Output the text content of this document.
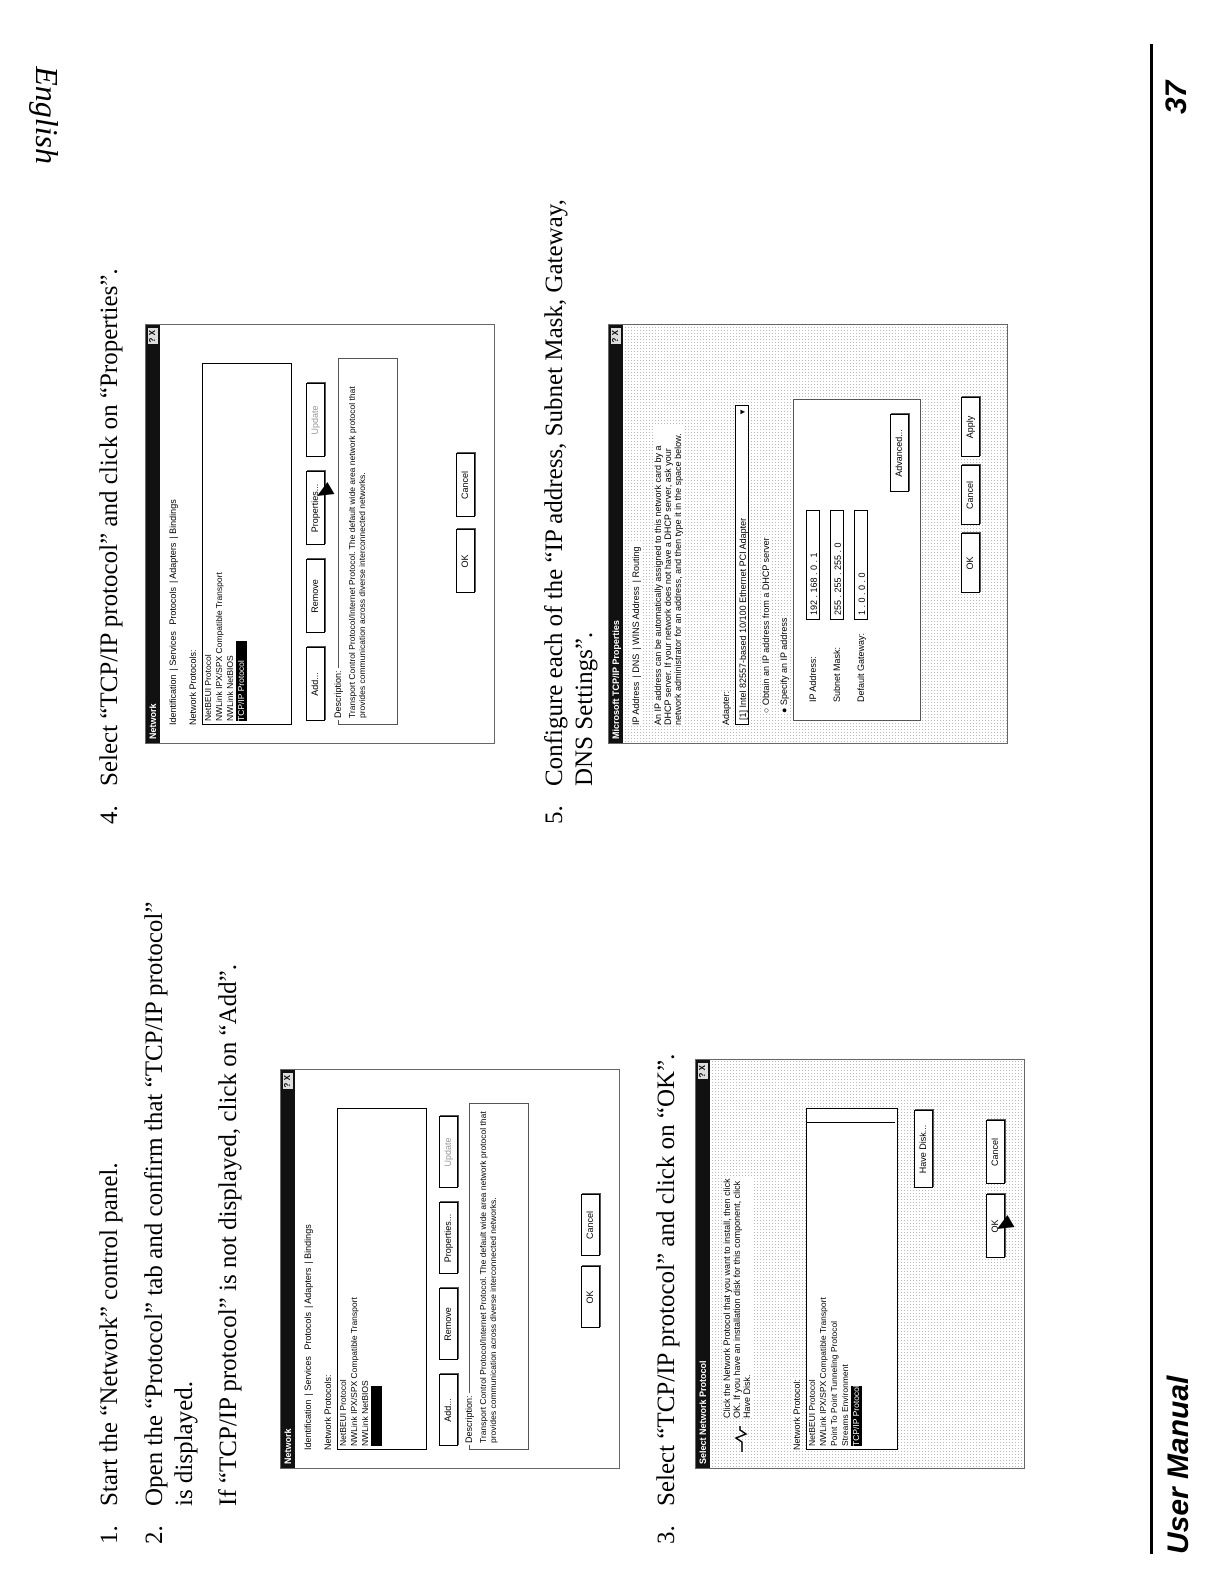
English
1.Start the “Network” control panel.
2.Open the “Protocol” tab and confirm that “TCP/IP protocol” is displayed. If “TCP/IP protocol” is not displayed, click on “Add”.	Network
? X
Identification| Services Protocols| Adapters| Bindings
Network Protocols: NetBEUI Protocol NWLink IPX/SPX Compatible Transport NWLink NetBIOS	Add...
Remove
Properties...
Update
Description: Transport Control Protocol/Internet Protocol. The default wide area network protocol that provides communication across diverse interconnected networks.	OK
Cancel
3.Select “TCP/IP protocol” and click on “OK”. Select Network Protocol
? X
Click the Network Protocol that you want to install, then click OK. If you have an installation disk for this component, click Have Disk.	Network Protocol: NetBEUI Protocol NWLink IPX/SPX Compatible Transport Point To Point Tunneling Protocol Streams Environment TCP/IP Protocol
Have Disk...
OK
Cancel
4.Select “TCP/IP protocol” and click on “Properties”.	Network
? X
Identification| Services Protocols| Adapters| Bindings
Network Protocols: NetBEUI Protocol NWLink IPX/SPX Compatible Transport NWLink NetBIOS TCP/IP Protocol	Add...
Remove
Properties...
Update
Description: Transport Control Protocol/Internet Protocol. The default wide area network protocol that provides communication across diverse interconnected networks.	OK
Cancel
5.Configure each of the “IP address, Subnet Mask, Gateway, DNS Settings”. Microsoft TCP/IP Properties
? X
IP Address| DNS| WINS Address| Routing An IP address can be automatically assigned to this network card by a DHCP server. If your network does not have a DHCP server, ask your network administrator for an address, and then type it in the space below.	Adapter: [1] Intel 82557-based 10/100 Ethernet PCI Adapter
▼
○ Obtain an IP address from a DHCP server
● Specify an IP address IP Address:
192 . 168 . 0 . 1
Subnet Mask:
255 . 255 . 255 . 0
Default Gateway:
1 . 0 . 0 . 0
Advanced...
OK
Cancel
Apply
User Manual
37
